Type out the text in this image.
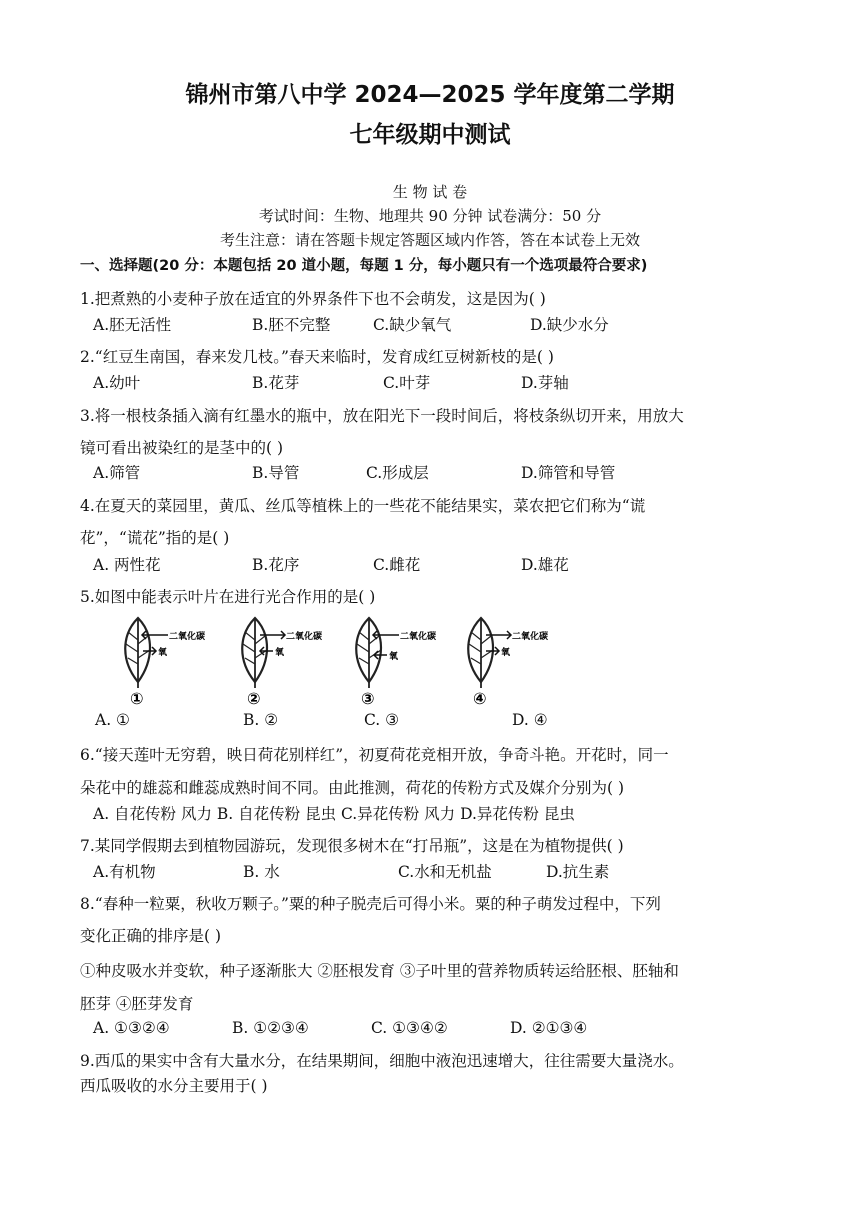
锦州市第八中学 2024—2025 学年度第二学期
七年级期中测试
生 物 试 卷
考试时间：生物、地理共 90 分钟 试卷满分：50 分
考生注意：请在答题卡规定答题区域内作答，答在本试卷上无效
一、选择题(20 分：本题包括 20 道小题，每题 1 分，每小题只有一个选项最符合要求)
1.把煮熟的小麦种子放在适宜的外界条件下也不会萌发，这是因为( )
A.胚无活性	B.胚不完整	C.缺少氧气	D.缺少水分
2.“红豆生南国，春来发几枝。”春天来临时，发育成红豆树新枝的是( )
A.幼叶	B.花芽	C.叶芽	D.芽轴
3.将一根枝条插入滴有红墨水的瓶中，放在阳光下一段时间后，将枝条纵切开来，用放大
镜可看出被染红的是茎中的( )
A.筛管	B.导管	C.形成层	D.筛管和导管
4.在夏天的菜园里，黄瓜、丝瓜等植株上的一些花不能结果实，菜农把它们称为“谎
花”，“谎花”指的是( )
A. 两性花	B.花序	C.雌花	D.雄花
5.如图中能表示叶片在进行光合作用的是( )
二氧化碳
氧
①
二氧化碳
氧
②
二氧化碳
氧
③
二氧化碳
氧
④
A. ①	B. ②	C. ③	D. ④
6.“接天莲叶无穷碧，映日荷花别样红”，初夏荷花竞相开放，争奇斗艳。开花时，同一
朵花中的雄蕊和雌蕊成熟时间不同。由此推测，荷花的传粉方式及媒介分别为( )
A. 自花传粉 风力 B. 自花传粉 昆虫 C.异花传粉 风力 D.异花传粉 昆虫
7.某同学假期去到植物园游玩，发现很多树木在“打吊瓶”，这是在为植物提供( )
A.有机物	B. 水	C.水和无机盐	D.抗生素
8.“春种一粒粟，秋收万颗子。”粟的种子脱壳后可得小米。粟的种子萌发过程中，下列
变化正确的排序是( )
①种皮吸水并变软，种子逐渐胀大 ②胚根发育 ③子叶里的营养物质转运给胚根、胚轴和
胚芽 ④胚芽发育
A. ①③②④	B. ①②③④	C. ①③④②	D. ②①③④
9.西瓜的果实中含有大量水分，在结果期间，细胞中液泡迅速增大，往往需要大量浇水。
西瓜吸收的水分主要用于( )
